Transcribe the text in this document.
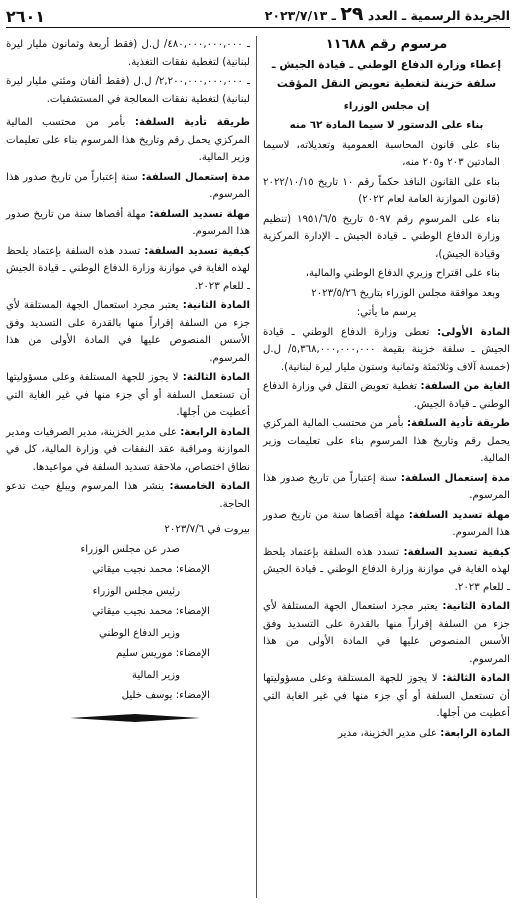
الجريدة الرسمية ـ العدد ٢٩ ـ ٢٠٢٣/٧/١٣
٢٦٠١

مرسوم رقم ١١٦٨٨

إعطاء وزارة الدفاع الوطني ـ قيادة الجيش ـ

سلفة خزينة لتغطية تعويض النقل المؤقت

إن مجلس الوزراء

بناء على الدستور لا سيما المادة ٦٢ منه

بناء على قانون المحاسبة العمومية وتعديلاته، لاسيما المادتين ٢٠٣ و٢٠٥ منه،

بناء على القانون النافذ حكماً رقم ١٠ تاريخ ٢٠٢٢/١٠/١٥ (قانون الموازنة العامة لعام ٢٠٢٢)

بناء على المرسوم رقم ٥٠٩٧ تاريخ ١٩٥١/٦/٥ (تنظيم وزارة الدفاع الوطني ـ قيادة الجيش ـ الإدارة المركزية وقيادة الجيش)،

بناء على اقتراح وزيري الدفاع الوطني والمالية،

وبعد موافقة مجلس الوزراء بتاريخ ٢٠٢٣/٥/٢٦

يرسم ما يأتي:

المادة الأولى: تعطى وزارة الدفاع الوطني ـ قيادة الجيش ـ سلفة خزينة بقيمة ٥,٣٦٨,٠٠٠,٠٠٠,٠٠٠/ ل.ل (خمسة آلاف وثلاثمئة وثمانية وستون مليار ليرة لبنانية).

الغاية من السلفة: تغطية تعويض النقل في وزارة الدفاع الوطني ـ قيادة الجيش.

طريقة تأدية السلفة: بأمر من محتسب المالية المركزي يحمل رقم وتاريخ هذا المرسوم بناء على تعليمات وزير المالية.

مدة إستعمال السلفة: سنة إعتباراً من تاريخ صدور هذا المرسوم.

مهلة تسديد السلفة: مهلة أقصاها سنة من تاريخ صدور هذا المرسوم.

كيفية تسديد السلفة: تسدد هذه السلفة بإعتماد يلحظ لهذه الغاية في موازنة وزارة الدفاع الوطني ـ قيادة الجيش ـ للعام ٢٠٢٣.

المادة الثانية: يعتبر مجرد استعمال الجهة المستلفة لأي جزء من السلفة إقراراً منها بالقدرة على التسديد وفق الأسس المنصوص عليها في المادة الأولى من هذا المرسوم.

المادة الثالثة: لا يجوز للجهة المستلفة وعلى مسؤوليتها أن تستعمل السلفة أو أي جزء منها في غير الغاية التي أعطيت من أجلها.

المادة الرابعة: على مدير الخزينة، مدير

ـ ٤٨٠,٠٠٠,٠٠٠,٠٠٠/ ل.ل (فقط أربعة وثمانون مليار ليرة لبنانية) لتغطية نفقات التغذية.

ـ ٢,٢٠٠,٠٠٠,٠٠٠,٠٠٠/ ل.ل (فقط ألفان ومئتي مليار ليرة لبنانية) لتغطية نفقات المعالجة في المستشفيات.

طريقة تأدية السلفة: بأمر من محتسب المالية المركزي يحمل رقم وتاريخ هذا المرسوم بناء على تعليمات وزير المالية.

مدة إستعمال السلفة: سنة إعتباراً من تاريخ صدور هذا المرسوم.

مهلة تسديد السلفة: مهلة أقصاها سنة من تاريخ صدور هذا المرسوم.

كيفية تسديد السلفة: تسدد هذه السلفة بإعتماد يلحظ لهذه الغاية في موازنة وزارة الدفاع الوطني ـ قيادة الجيش ـ للعام ٢٠٢٣.

المادة الثانية: يعتبر مجرد استعمال الجهة المستلفة لأي جزء من السلفة إقراراً منها بالقدرة على التسديد وفق الأسس المنصوص عليها في المادة الأولى من هذا المرسوم.

المادة الثالثة: لا يجوز للجهة المستلفة وعلى مسؤوليتها أن تستعمل السلفة أو أي جزء منها في غير الغاية التي أعطيت من أجلها.

المادة الرابعة: على مدير الخزينة، مدير الصرفيات ومدير الموازنة ومراقبة عقد النفقات في وزارة المالية، كل في نطاق اختصاص، ملاحقة تسديد السلفة في مواعيدها.

المادة الخامسة: ينشر هذا المرسوم ويبلغ حيث تدعو الحاجة.

بيروت في ٢٠٢٣/٧/٦

صدر عن مجلس الوزراء

الإمضاء: محمد نجيب ميقاتي

رئيس مجلس الوزراء

الإمضاء: محمد نجيب ميقاتي

وزير الدفاع الوطني

الإمضاء: موريس سليم

وزير المالية

الإمضاء: يوسف خليل
